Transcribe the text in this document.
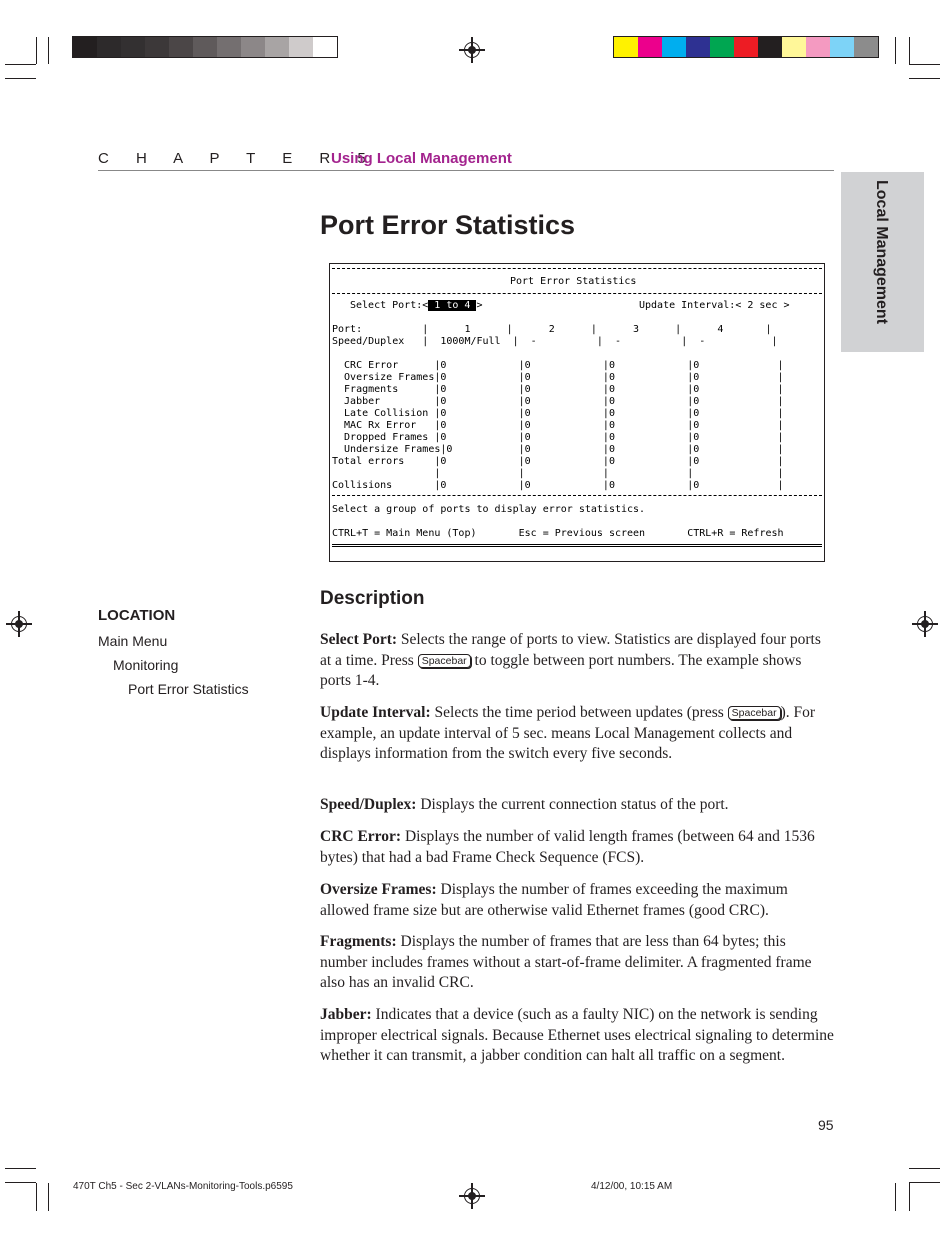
C H A P T E R 5
Using Local Management
Local Management
Port Error Statistics
Port Error Statistics
Select Port:< 1 to 4 >	Update Interval:< 2 sec >
Port:          |      1      |      2      |      3      |      4       |
Speed/Duplex   |  1000M/Full  |  -          |  -          |  -           |
CRC Error      |0            |0            |0            |0             |
Oversize Frames|0            |0            |0            |0             |
Fragments      |0            |0            |0            |0             |
Jabber         |0            |0            |0            |0             |
Late Collision |0            |0            |0            |0             |
MAC Rx Error   |0            |0            |0            |0             |
Dropped Frames |0            |0            |0            |0             |
Undersize Frames|0           |0            |0            |0             |
Total errors     |0            |0            |0            |0             |
|             |             |             |              |
Collisions       |0            |0            |0            |0             |
Select a group of ports to display error statistics.
CTRL+T = Main Menu (Top)       Esc = Previous screen       CTRL+R = Refresh
LOCATION
Main Menu
Monitoring
Port Error Statistics
Description
Select Port: Selects the range of ports to view. Statistics are displayed four ports at a time. Press Spacebar to toggle between port numbers. The example shows ports 1-4.
Update Interval: Selects the time period between updates (press Spacebar ). For example, an update interval of 5 sec. means Local Management collects and displays information from the switch every five seconds.
Speed/Duplex: Displays the current connection status of the port.
CRC Error: Displays the number of valid length frames (between 64 and 1536 bytes) that had a bad Frame Check Sequence (FCS).
Oversize Frames: Displays the number of frames exceeding the maximum allowed frame size but are otherwise valid Ethernet frames (good CRC).
Fragments: Displays the number of frames that are less than 64 bytes; this number includes frames without a start-of-frame delimiter. A fragmented frame also has an invalid CRC.
Jabber: Indicates that a device (such as a faulty NIC) on the network is sending improper electrical signals. Because Ethernet uses electrical signaling to determine whether it can transmit, a jabber condition can halt all traffic on a segment.
95
470T Ch5 - Sec 2-VLANs-Monitoring-Tools.p6595	4/12/00, 10:15 AM
